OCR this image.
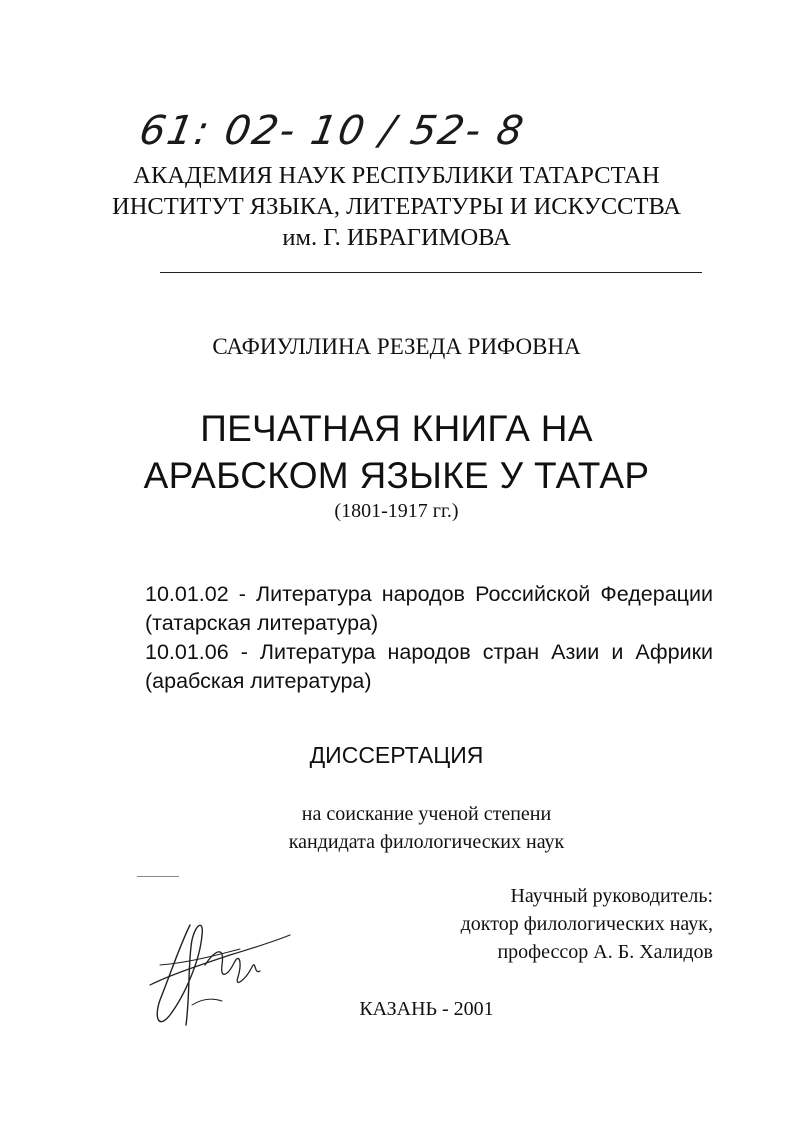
61: 02- 10 / 52- 8
АКАДЕМИЯ НАУК РЕСПУБЛИКИ ТАТАРСТАН
ИНСТИТУТ ЯЗЫКА, ЛИТЕРАТУРЫ И ИСКУССТВА
им. Г. ИБРАГИМОВА
САФИУЛЛИНА РЕЗЕДА РИФОВНА
ПЕЧАТНАЯ КНИГА НА
АРАБСКОМ ЯЗЫКЕ У ТАТАР
(1801-1917 гг.)
10.01.02 - Литература народов Российской Федерации
(татарская литература)
10.01.06 - Литература народов стран Азии и Африки
(арабская литература)
ДИССЕРТАЦИЯ
на соискание ученой степени
кандидата филологических наук
Научный руководитель:
доктор филологических наук,
профессор А. Б. Халидов
КАЗАНЬ - 2001
